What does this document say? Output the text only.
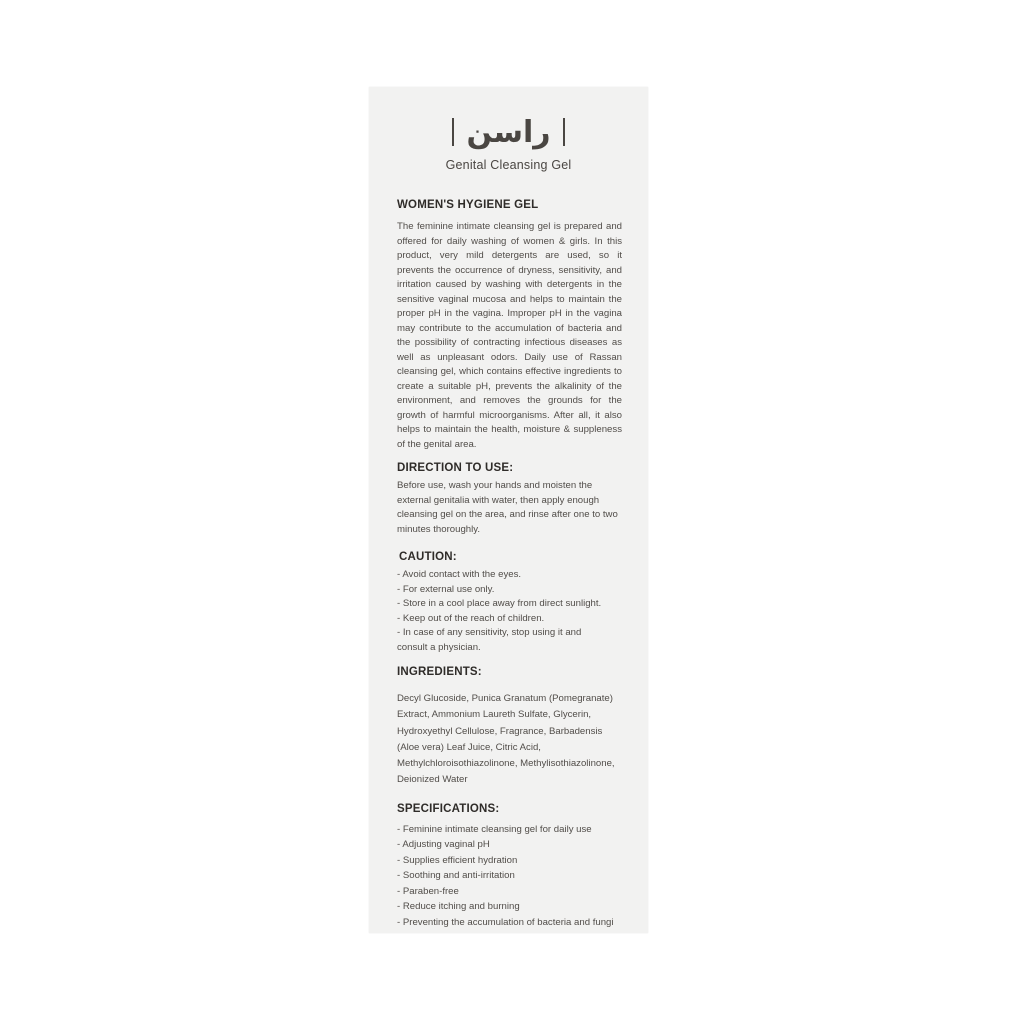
راسن
Genital Cleansing Gel
WOMEN'S HYGIENE GEL

The feminine intimate cleansing gel is prepared and offered for daily washing of women & girls. In this product, very mild detergents are used, so it prevents the occurrence of dryness, sensitivity, and irritation caused by washing with detergents in the sensitive vaginal mucosa and helps to maintain the proper pH in the vagina. Improper pH in the vagina may contribute to the accumulation of bacteria and the possibility of contracting infectious diseases as well as unpleasant odors. Daily use of Rassan cleansing gel, which contains effective ingredients to create a suitable pH, prevents the alkalinity of the environment, and removes the grounds for the growth of harmful microorganisms. After all, it also helps to maintain the health, moisture & suppleness of the genital area.

DIRECTION TO USE:

Before use, wash your hands and moisten the external genitalia with water, then apply enough cleansing gel on the area, and rinse after one to two minutes thoroughly.

CAUTION:
- Avoid contact with the eyes.
- For external use only.
- Store in a cool place away from direct sunlight.
- Keep out of the reach of children.
- In case of any sensitivity, stop using it and consult a physician.
INGREDIENTS:

Decyl Glucoside, Punica Granatum (Pomegranate) Extract, Ammonium Laureth Sulfate, Glycerin, Hydroxyethyl Cellulose, Fragrance, Barbadensis (Aloe vera) Leaf Juice, Citric Acid, Methylchloroisothiazolinone, Methylisothiazolinone, Deionized Water

SPECIFICATIONS:
- Feminine intimate cleansing gel for daily use
- Adjusting vaginal pH
- Supplies efficient hydration
- Soothing and anti-irritation
- Paraben-free
- Reduce itching and burning
- Preventing the accumulation of bacteria and fungi
